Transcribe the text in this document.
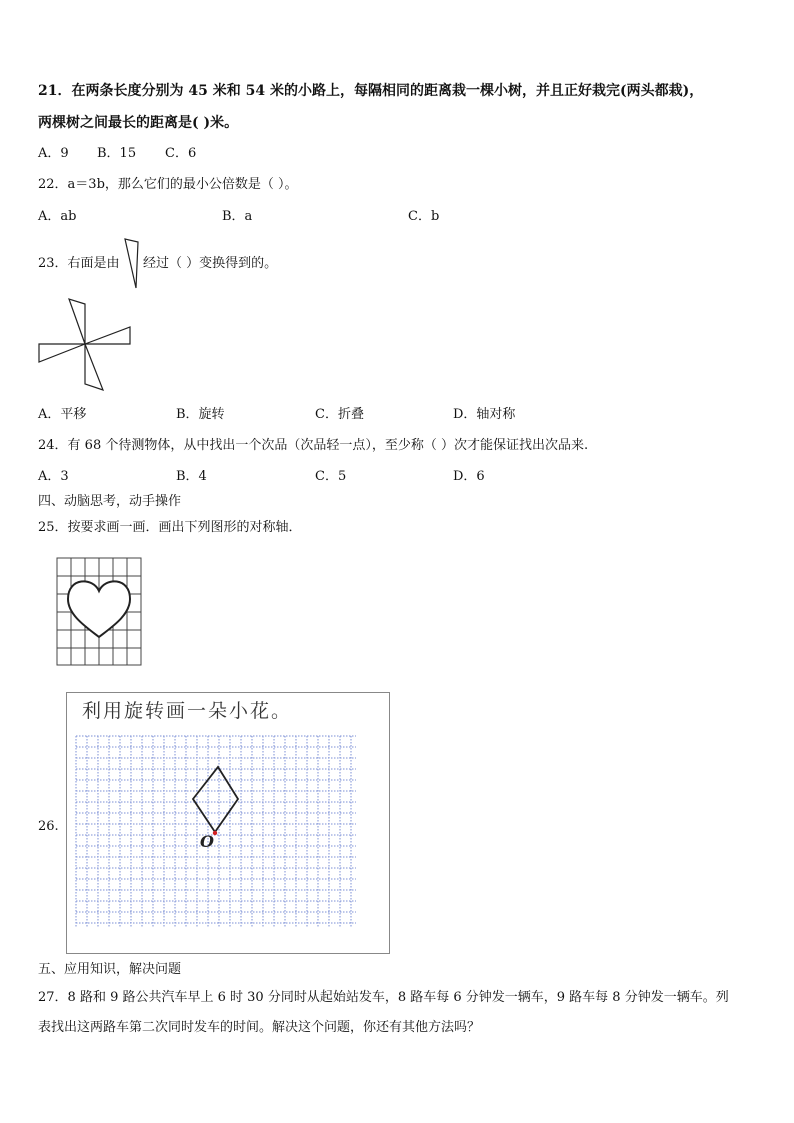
21．在两条长度分别为 45 米和 54 米的小路上，每隔相同的距离栽一棵小树，并且正好栽完(两头都栽)，
两棵树之间最长的距离是( )米。
A．9 B．15 C．6
22．a＝3b，那么它们的最小公倍数是（ ）。
A．ab	B．a	C．b
23．右面是由 经过（ ）变换得到的。
A．平移	B．旋转	C．折叠	D．轴对称
24．有 68 个待测物体，从中找出一个次品（次品轻一点），至少称（ ）次才能保证找出次品来.
A．3	B．4	C．5	D．6
四、动脑思考，动手操作
25．按要求画一画．画出下列图形的对称轴．
26.
利用旋转画一朵小花。
O
五、应用知识，解决问题
27．8 路和 9 路公共汽车早上 6 时 30 分同时从起始站发车，8 路车每 6 分钟发一辆车，9 路车每 8 分钟发一辆车。列
表找出这两路车第二次同时发车的时间。解决这个问题，你还有其他方法吗？
